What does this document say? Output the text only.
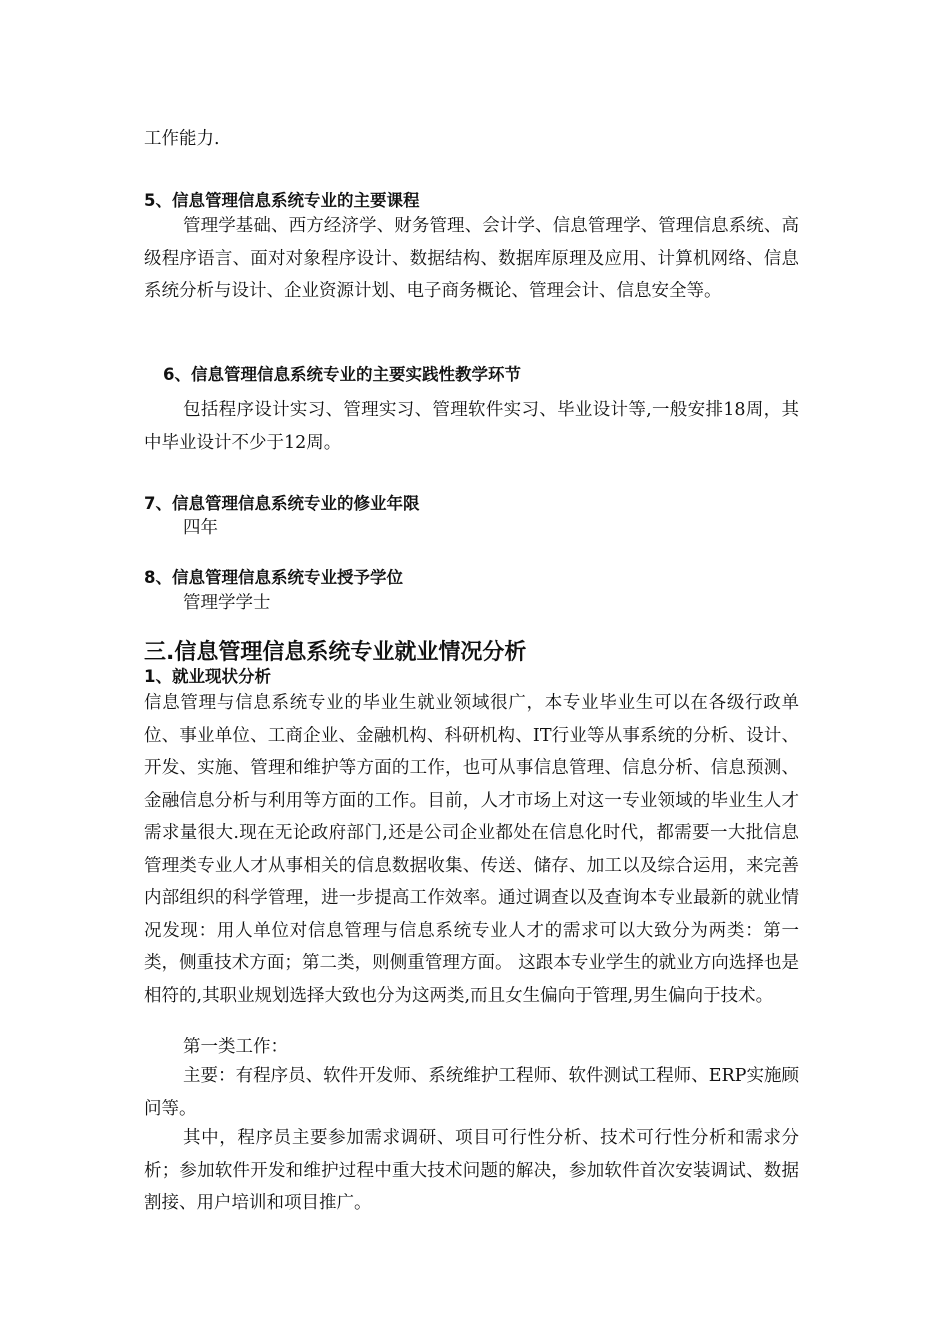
工作能力.
5、信息管理信息系统专业的主要课程

管理学基础、西方经济学、财务管理、会计学、信息管理学、管理信息系统、高级程序语言、面对对象程序设计、数据结构、数据库原理及应用、计算机网络、信息系统分析与设计、企业资源计划、电子商务概论、管理会计、信息安全等。

6、信息管理信息系统专业的主要实践性教学环节

包括程序设计实习、管理实习、管理软件实习、毕业设计等,一般安排18周，其中毕业设计不少于12周。

7、信息管理信息系统专业的修业年限
四年
8、信息管理信息系统专业授予学位
管理学学士
三.信息管理信息系统专业就业情况分析
1、就业现状分析

信息管理与信息系统专业的毕业生就业领域很广，本专业毕业生可以在各级行政单位、事业单位、工商企业、金融机构、科研机构、IT行业等从事系统的分析、设计、开发、实施、管理和维护等方面的工作，也可从事信息管理、信息分析、信息预测、金融信息分析与利用等方面的工作。目前，人才市场上对这一专业领域的毕业生人才需求量很大.现在无论政府部门,还是公司企业都处在信息化时代，都需要一大批信息管理类专业人才从事相关的信息数据收集、传送、储存、加工以及综合运用，来完善内部组织的科学管理，进一步提高工作效率。通过调查以及查询本专业最新的就业情况发现：用人单位对信息管理与信息系统专业人才的需求可以大致分为两类：第一类，侧重技术方面；第二类，则侧重管理方面。 这跟本专业学生的就业方向选择也是相符的,其职业规划选择大致也分为这两类,而且女生偏向于管理,男生偏向于技术。

第一类工作：

主要：有程序员、软件开发师、系统维护工程师、软件测试工程师、ERP实施顾问等。

其中，程序员主要参加需求调研、项目可行性分析、技术可行性分析和需求分析；参加软件开发和维护过程中重大技术问题的解决，参加软件首次安装调试、数据割接、用户培训和项目推广。
